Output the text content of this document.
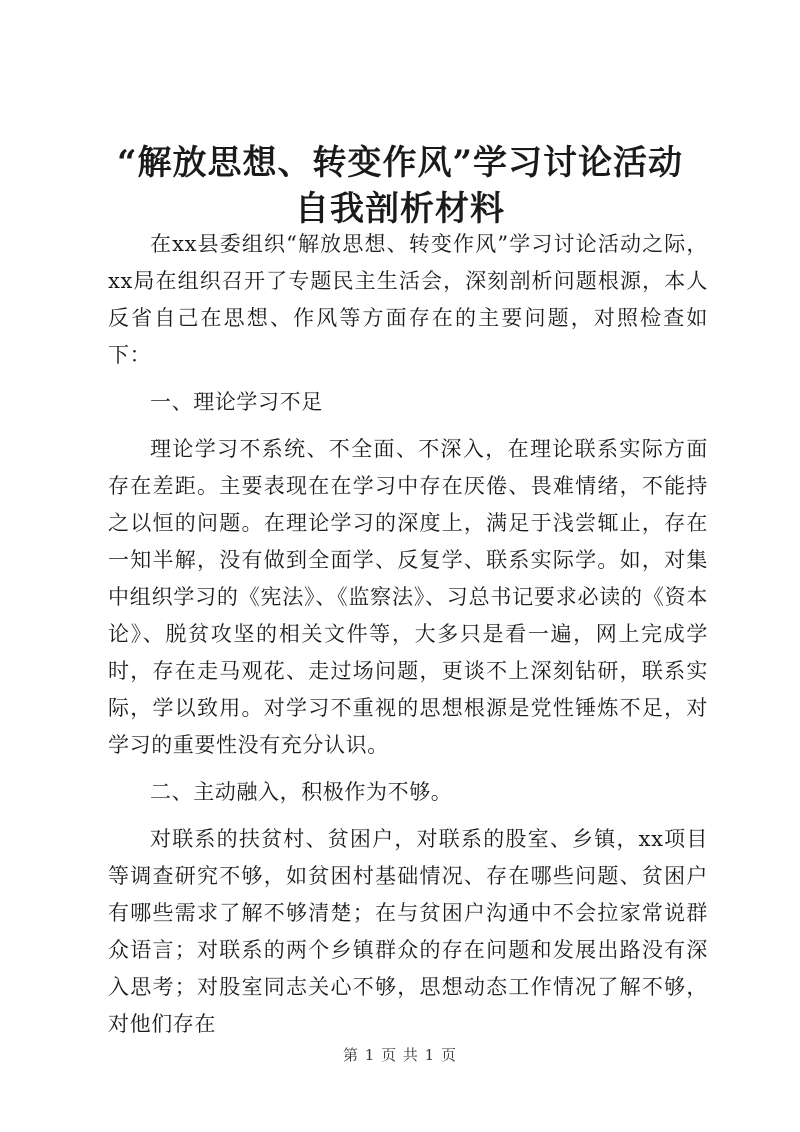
“解放思想、转变作风”学习讨论活动自我剖析材料

在xx县委组织“解放思想、转变作风”学习讨论活动之际，xx局在组织召开了专题民主生活会，深刻剖析问题根源，本人反省自己在思想、作风等方面存在的主要问题，对照检查如下：

一、理论学习不足

理论学习不系统、不全面、不深入，在理论联系实际方面存在差距。主要表现在在学习中存在厌倦、畏难情绪，不能持之以恒的问题。在理论学习的深度上，满足于浅尝辄止，存在一知半解，没有做到全面学、反复学、联系实际学。如，对集中组织学习的《宪法》、《监察法》、习总书记要求必读的《资本论》、脱贫攻坚的相关文件等，大多只是看一遍，网上完成学时，存在走马观花、走过场问题，更谈不上深刻钻研，联系实际，学以致用。对学习不重视的思想根源是党性锤炼不足，对学习的重要性没有充分认识。

二、主动融入，积极作为不够。

对联系的扶贫村、贫困户，对联系的股室、乡镇，xx项目等调查研究不够，如贫困村基础情况、存在哪些问题、贫困户有哪些需求了解不够清楚；在与贫困户沟通中不会拉家常说群众语言；对联系的两个乡镇群众的存在问题和发展出路没有深入思考；对股室同志关心不够，思想动态工作情况了解不够，对他们存在

第 1 页 共 1 页
